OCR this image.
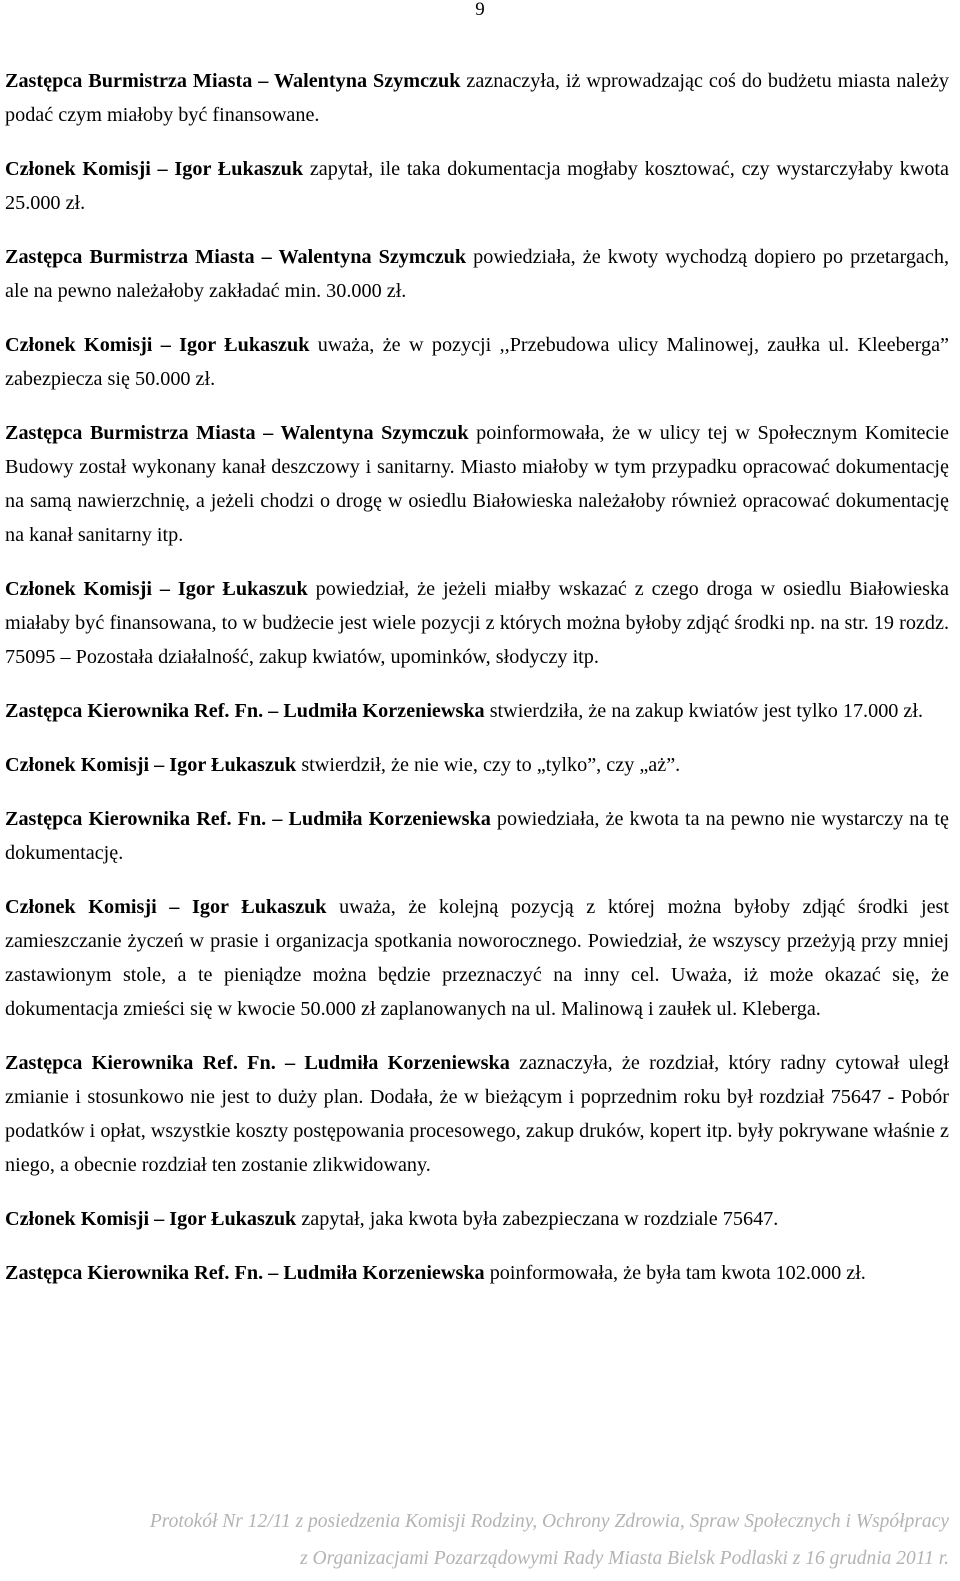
9

Zastępca Burmistrza Miasta – Walentyna Szymczuk zaznaczyła, iż wprowadzając coś do budżetu miasta należy podać czym miałoby być finansowane.

Członek Komisji – Igor Łukaszuk zapytał, ile taka dokumentacja mogłaby kosztować, czy wystarczyłaby kwota 25.000 zł.

Zastępca Burmistrza Miasta – Walentyna Szymczuk powiedziała, że kwoty wychodzą dopiero po przetargach, ale na pewno należałoby zakładać min. 30.000 zł.

Członek Komisji – Igor Łukaszuk uważa, że w pozycji ,,Przebudowa ulicy Malinowej, zaułka ul. Kleeberga” zabezpiecza się 50.000 zł.

Zastępca Burmistrza Miasta – Walentyna Szymczuk poinformowała, że w ulicy tej w Społecznym Komitecie Budowy został wykonany kanał deszczowy i sanitarny. Miasto miałoby w tym przypadku opracować dokumentację na samą nawierzchnię, a jeżeli chodzi o drogę w osiedlu Białowieska należałoby również opracować dokumentację na kanał sanitarny itp.

Członek Komisji – Igor Łukaszuk powiedział, że jeżeli miałby wskazać z czego droga w osiedlu Białowieska miałaby być finansowana, to w budżecie jest wiele pozycji z których można byłoby zdjąć środki np. na str. 19 rozdz. 75095 – Pozostała działalność, zakup kwiatów, upominków, słodyczy itp.

Zastępca Kierownika Ref. Fn. – Ludmiła Korzeniewska stwierdziła, że na zakup kwiatów jest tylko 17.000 zł.

Członek Komisji – Igor Łukaszuk stwierdził, że nie wie, czy to „tylko”, czy „aż”.

Zastępca Kierownika Ref. Fn. – Ludmiła Korzeniewska powiedziała, że kwota ta na pewno nie wystarczy na tę dokumentację.

Członek Komisji – Igor Łukaszuk uważa, że kolejną pozycją z której można byłoby zdjąć środki jest zamieszczanie życzeń w prasie i organizacja spotkania noworocznego. Powiedział, że wszyscy przeżyją przy mniej zastawionym stole, a te pieniądze można będzie przeznaczyć na inny cel. Uważa, iż może okazać się, że dokumentacja zmieści się w kwocie 50.000 zł zaplanowanych na ul. Malinową i zaułek ul. Kleberga.

Zastępca Kierownika Ref. Fn. – Ludmiła Korzeniewska zaznaczyła, że rozdział, który radny cytował uległ zmianie i stosunkowo nie jest to duży plan. Dodała, że w bieżącym i poprzednim roku był rozdział 75647 - Pobór podatków i opłat, wszystkie koszty postępowania procesowego, zakup druków, kopert itp. były pokrywane właśnie z niego, a obecnie rozdział ten zostanie zlikwidowany.

Członek Komisji – Igor Łukaszuk zapytał, jaka kwota była zabezpieczana w rozdziale 75647.

Zastępca Kierownika Ref. Fn. – Ludmiła Korzeniewska poinformowała, że była tam kwota 102.000 zł.

Protokół Nr 12/11 z posiedzenia Komisji Rodziny, Ochrony Zdrowia, Spraw Społecznych i Współpracy
z Organizacjami Pozarządowymi Rady Miasta Bielsk Podlaski z 16 grudnia 2011 r.
